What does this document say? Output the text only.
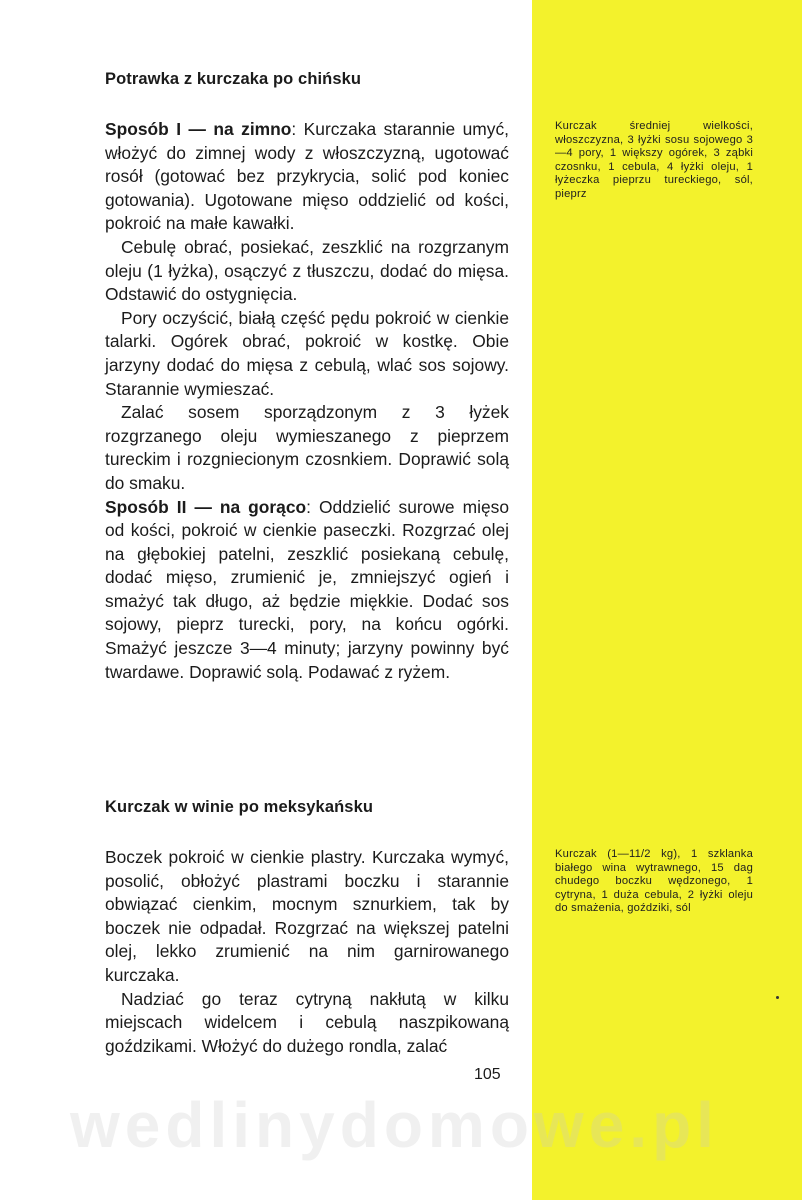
Potrawka z kurczaka po chińsku

Sposób I — na zimno: Kurczaka starannie umyć, włożyć do zimnej wody z włoszczyzną, ugotować rosół (gotować bez przykrycia, solić pod koniec gotowania). Ugotowane mięso oddzielić od kości, pokroić na małe kawałki.

Cebulę obrać, posiekać, zeszklić na rozgrzanym oleju (1 łyżka), osączyć z tłuszczu, dodać do mięsa. Odstawić do ostygnięcia.

Pory oczyścić, białą część pędu pokroić w cienkie talarki. Ogórek obrać, pokroić w kostkę. Obie jarzyny dodać do mięsa z cebulą, wlać sos sojowy. Starannie wymieszać.

Zalać sosem sporządzonym z 3 łyżek rozgrzanego oleju wymieszanego z pieprzem tureckim i rozgniecionym czosnkiem. Doprawić solą do smaku.

Sposób II — na gorąco: Oddzielić surowe mięso od kości, pokroić w cienkie paseczki. Rozgrzać olej na głębokiej patelni, zeszklić posiekaną cebulę, dodać mięso, zrumienić je, zmniejszyć ogień i smażyć tak długo, aż będzie miękkie. Dodać sos sojowy, pieprz turecki, pory, na końcu ogórki. Smażyć jeszcze 3—4 minuty; jarzyny powinny być twardawe. Doprawić solą. Podawać z ryżem.

Kurczak średniej wielkości, włoszczyzna, 3 łyżki sosu sojowego 3—4 pory, 1 większy ogórek, 3 ząbki czosnku, 1 cebula, 4 łyżki oleju, 1 łyżeczka pieprzu tureckiego, sól, pieprz
Kurczak w winie po meksykańsku

Boczek pokroić w cienkie plastry. Kurczaka wymyć, posolić, obłożyć plastrami boczku i starannie obwiązać cienkim, mocnym sznurkiem, tak by boczek nie odpadał. Rozgrzać na większej patelni olej, lekko zrumienić na nim garnirowanego kurczaka.

Nadziać go teraz cytryną nakłutą w kilku miejscach widelcem i cebulą naszpikowaną goździkami. Włożyć do dużego rondla, zalać

Kurczak (1—11/2 kg), 1 szklanka białego wina wytrawnego, 15 dag chudego boczku wędzonego, 1 cytryna, 1 duża cebula, 2 łyżki oleju do smażenia, goździki, sól
105
wedlinydomowe.pl
